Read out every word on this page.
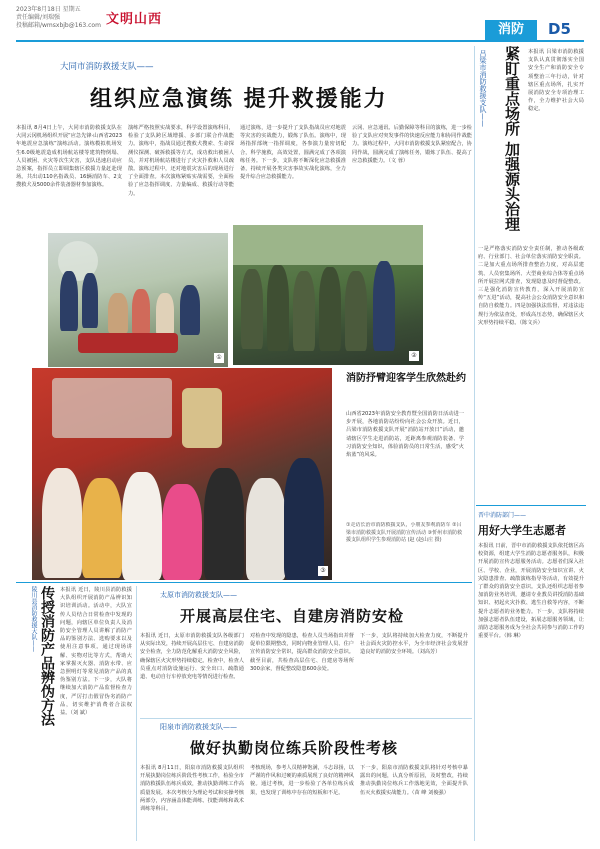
2023年8月18日 星期五
责任编辑/刘瑞强
投稿邮箱/wmsxbjb@163.com 文明山西
消防	D5
大同市消防救援支队——
组织应急演练 提升救援能力
本报讯 8月4日上午，大同市消防救援支队在大同云冈机场组织开展“应急先锋·山西省2023年地震应急演练”演练活动。演练模拟机场发生6.0级地震造成机场航站楼等建筑物倒塌、人员被困、火灾等次生灾害，支队迅速启动应急预案，指挥员立即调集辖区救援力量赶赴现场。共出动110名指战员、16辆消防车、2支搜救犬及5000余件装备器材参加演练。
演练严格按照实战要求，科学设置演练科目，检验了支队跨区域增援、多部门联合作战能力。演练中，指战员通过搜救犬搜索、生命探测仪探测、破拆救援等方式，成功救出被困人员，并对机场航站楼进行了火灾扑救和人员疏散。演练过程中，还对地震灾害后的现场进行了全面排查。本次演练紧贴实战需要，全面检验了应急指挥调度、力量编成、救援行动等能力。
通过演练，进一步提升了支队指战员应对地震等灾害的实战能力，锻炼了队伍。演练中，现场指挥部统一指挥调度，各参演力量密切配合，科学施救，高效处置，圆满完成了各项演练任务。下一步，支队将不断深化应急救援准备，持续开展各类灾害事故实战化演练，全力提升综合应急救援能力。
云冈、应急通讯、后勤保障等科目的演练，进一步检验了支队应对突发事件的快速反应能力和协同作战能力。演练过程中，大同市消防救援支队紧密配合，协同作战，圆满完成了演练任务，锻炼了队伍、提高了应急救援能力。（文 蓉）
①	②
③
消防抒臂迎客学生欣然赴约
山西省2023年消防安全教育暨全国消防日活动进一步开展，各地消防站纷纷向社会公众开放。近日，吕梁市消防救援支队开展“消防站开放日”活动，邀请辖区学生走进消防站，近距离参观消防装备、学习消防安全知识，体验消防员的日常生活，感受“火焰蓝”的风采。
①走访长治市消防救援支队，小朋友参观消防车 ②吕梁市消防救援支队开展消防宣传活动 ③忻州市消防救援支队组织学生参观消防站 (赵 (赵山庄 摄)
吕梁市消防救援支队—— 紧盯重点场所 加强源头治理 本报讯 吕梁市消防救援支队认真贯彻落实全国安全生产和消防安全专项整治三年行动，针对辖区重点场所，扎实开展消防安全专项治理工作，全力维护社会大局稳定。
一是严格落实消防安全责任制，推动各级政府、行业部门、社会单位落实消防安全职责。二是加大重点场所排查整治力度，对高层建筑、人员密集场所、大型商业综合体等重点场所开展拉网式排查，发现隐患及时督促整改。三是强化消防宣传教育，深入开展消防宣传“五进”活动，提高社会公众消防安全意识和自防自救能力。四是加强执法监督，对违法违规行为依法查处，形成高压态势，确保辖区火灾形势持续平稳。（陈文兵）
晋中消防部门——
用好大学生志愿者
本报讯 日前，晋中市消防救援支队依托辖区高校资源，组建大学生消防志愿者服务队，积极开展消防宣传志愿服务活动。志愿者们深入社区、学校、企业，开展消防安全知识宣讲、火灾隐患排查、疏散演练指导等活动，有效提升了群众的消防安全意识。支队还组织志愿者参加消防业务培训，邀请专业教员讲授消防基础知识、初起火灾扑救、逃生自救等内容，不断提升志愿者的业务能力。下一步，支队将持续加强志愿者队伍建设，拓展志愿服务领域，让消防志愿服务成为全社会共同参与消防工作的重要平台。（韩 琳）
陵川县消防救援大队—— 传授消防产品辨伪方法 本报讯 近日，陵川县消防救援大队组织开展消防产品辨识知识培训活动。活动中，大队宣传人员结合日常检查中发现的问题，向辖区单位负责人及消防安全管理人员讲解了消防产品的鉴别方法、选购要求以及使用注意事项。通过现场讲解、实物对比等方式，帮助大家掌握灭火器、消防水带、应急照明灯等常见消防产品的真伪鉴别方法。下一步，大队将继续加大消防产品监督检查力度，严厉打击假冒伪劣消防产品，切实维护消费者合法权益。（刘 斌）
太原市消防救援支队——
开展高层住宅、自建房消防安检
本报讯 近日，太原市消防救援支队各级部门从实际出发，持续开展高层住宅、自建房消防安全检查，全力防范化解重大消防安全风险，确保辖区火灾形势持续稳定。检查中，检查人员重点对消防设施运行、安全出口、疏散通道、电动自行车停放充电等情况进行检查。
对检查中发现的隐患，检查人员当场指出并督促单位限期整改，同时向物业管理人员、住户宣传消防安全常识，提高群众消防安全意识。截至目前，共检查高层住宅、自建房等场所300余家，督促整改隐患600余处。
下一步，支队将持续加大检查力度，不断提升社会面火灾防控水平，为全市经济社会发展营造良好的消防安全环境。（刘高芳）
阳泉市消防救援支队——
做好执勤岗位练兵阶段性考核
本报讯 8月11日，阳泉市消防救援支队组织开展执勤岗位练兵阶段性考核工作，检验全市消防救援队伍练兵成效，推动执勤训练工作高质量发展。本次考核分为理论考试和实操考核两部分，内容涵盖体能训练、技能训练和战术训练等科目。
考核现场，参考人员精神饱满，斗志昂扬，以严谨的作风和过硬的素质展现了良好的精神风貌。通过考核，进一步检验了各单位练兵成果，也发现了训练中存在的短板和不足。
下一步，阳泉市消防救援支队将针对考核中暴露出的问题，认真分析原因，及时整改，持续推动执勤岗位练兵工作落地见效，全面提升队伍灭火救援实战能力。（苗 峰 刘俊强）
